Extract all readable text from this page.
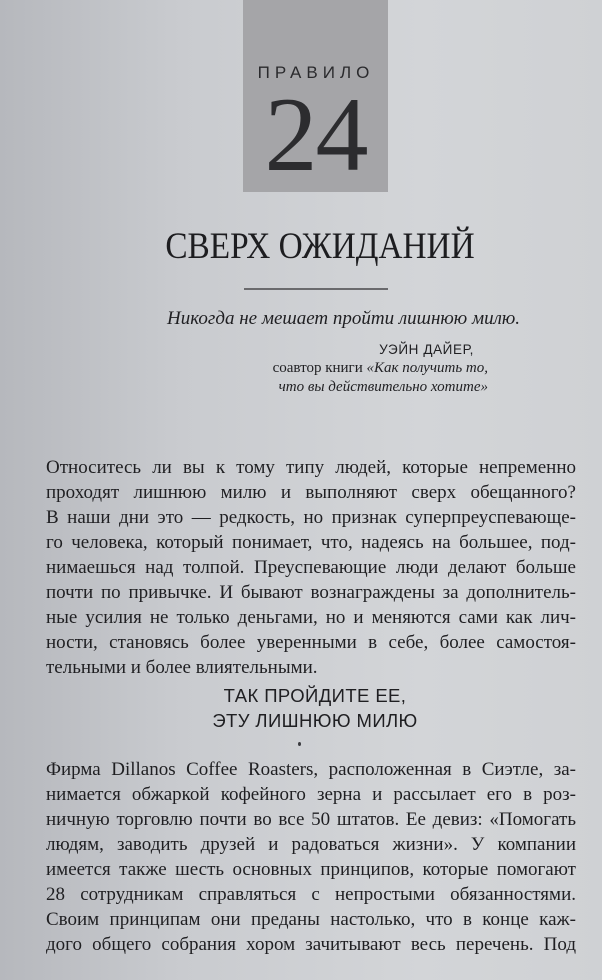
ПРАВИЛО
24
СВЕРХ ОЖИДАНИЙ
Никогда не мешает пройти лишнюю милю.
УЭЙН ДАЙЕР,
соавтор книги «Как получить то,
что вы действительно хотите»
Относитесь ли вы к тому типу людей, которые непременно
проходят лишнюю милю и выполняют сверх обещанного?
В наши дни это — редкость, но признак суперпреуспевающе-
го человека, который понимает, что, надеясь на большее, под-
нимаешься над толпой. Преуспевающие люди делают больше
почти по привычке. И бывают вознаграждены за дополнитель-
ные усилия не только деньгами, но и меняются сами как лич-
ности, становясь более уверенными в себе, более самостоя-
тельными и более влиятельными.
ТАК ПРОЙДИТЕ ЕЕ,
ЭТУ ЛИШНЮЮ МИЛЮ
Фирма Dillanos Coffee Roasters, расположенная в Сиэтле, за-
нимается обжаркой кофейного зерна и рассылает его в роз-
ничную торговлю почти во все 50 штатов. Ее девиз: «Помогать
людям, заводить друзей и радоваться жизни». У компании
имеется также шесть основных принципов, которые помогают
28 сотрудникам справляться с непростыми обязанностями.
Своим принципам они преданы настолько, что в конце каж-
дого общего собрания хором зачитывают весь перечень. Под
